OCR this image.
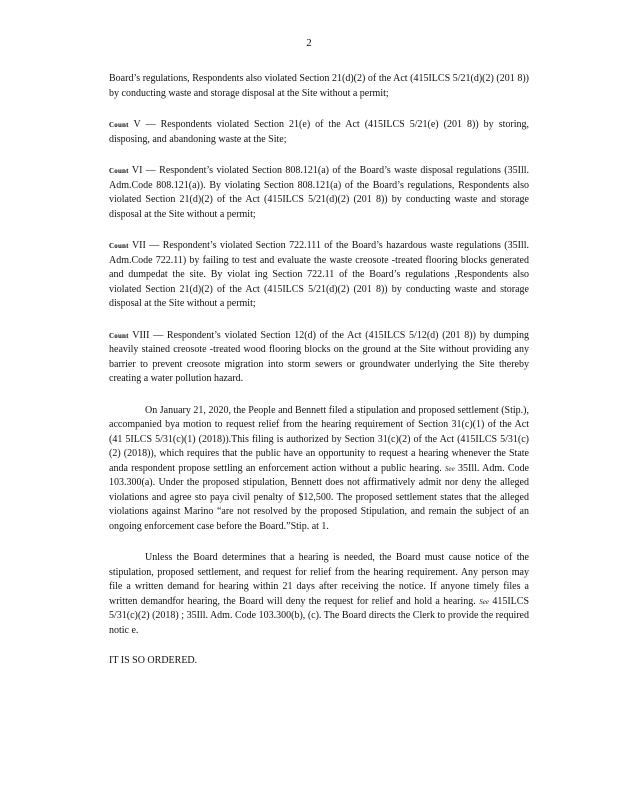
2

Board’s regulations, Respondents also violated Section 21(d)(2) of the Act (415ILCS 5/21(d)(2) (201 8)) by conducting waste and storage disposal at the Site without a permit;

Count V — Respondents violated Section 21(e) of the Act (415ILCS 5/21(e) (201 8)) by storing, disposing, and abandoning waste at the Site;

Count VI — Respondent’s violated Section 808.121(a) of the Board’s waste disposal regulations (35Ill. Adm.Code 808.121(a)). By violating Section 808.121(a) of the Board’s regulations, Respondents also violated Section 21(d)(2) of the Act (415ILCS 5/21(d)(2) (201 8)) by conducting waste and storage disposal at the Site without a permit;

Count VII — Respondent’s violated Section 722.111 of the Board’s hazardous waste regulations (35Ill. Adm.Code 722.11) by failing to test and evaluate the waste creosote -treated flooring blocks generated and dumpedat the site. By violat ing Section 722.11 of the Board’s regulations ,Respondents also violated Section 21(d)(2) of the Act (415ILCS 5/21(d)(2) (201 8)) by conducting waste and storage disposal at the Site without a permit;

Count VIII — Respondent’s violated Section 12(d) of the Act (415ILCS 5/12(d) (201 8)) by dumping heavily stained creosote -treated wood flooring blocks on the ground at the Site without providing any barrier to prevent creosote migration into storm sewers or groundwater underlying the Site thereby creating a water pollution hazard.

On January 21, 2020, the People and Bennett filed a stipulation and proposed settlement (Stip.), accompanied bya motion to request relief from the hearing requirement of Section 31(c)(1) of the Act (41 5ILCS 5/31(c)(1) (2018)).This filing is authorized by Section 31(c)(2) of the Act (415ILCS 5/31(c)(2) (2018)), which requires that the public have an opportunity to request a hearing whenever the State anda respondent propose settling an enforcement action without a public hearing. See 35Ill. Adm. Code 103.300(a). Under the proposed stipulation, Bennett does not affirmatively admit nor deny the alleged violations and agree sto paya civil penalty of $12,500. The proposed settlement states that the alleged violations against Marino “are not resolved by the proposed Stipulation, and remain the subject of an ongoing enforcement case before the Board.”Stip. at 1.

Unless the Board determines that a hearing is needed, the Board must cause notice of the stipulation, proposed settlement, and request for relief from the hearing requirement. Any person may file a written demand for hearing within 21 days after receiving the notice. If anyone timely files a written demandfor hearing, the Board will deny the request for relief and hold a hearing. See 415ILCS 5/31(c)(2) (2018) ; 35Ill. Adm. Code 103.300(b), (c). The Board directs the Clerk to provide the required notic e.

IT IS SO ORDERED.
